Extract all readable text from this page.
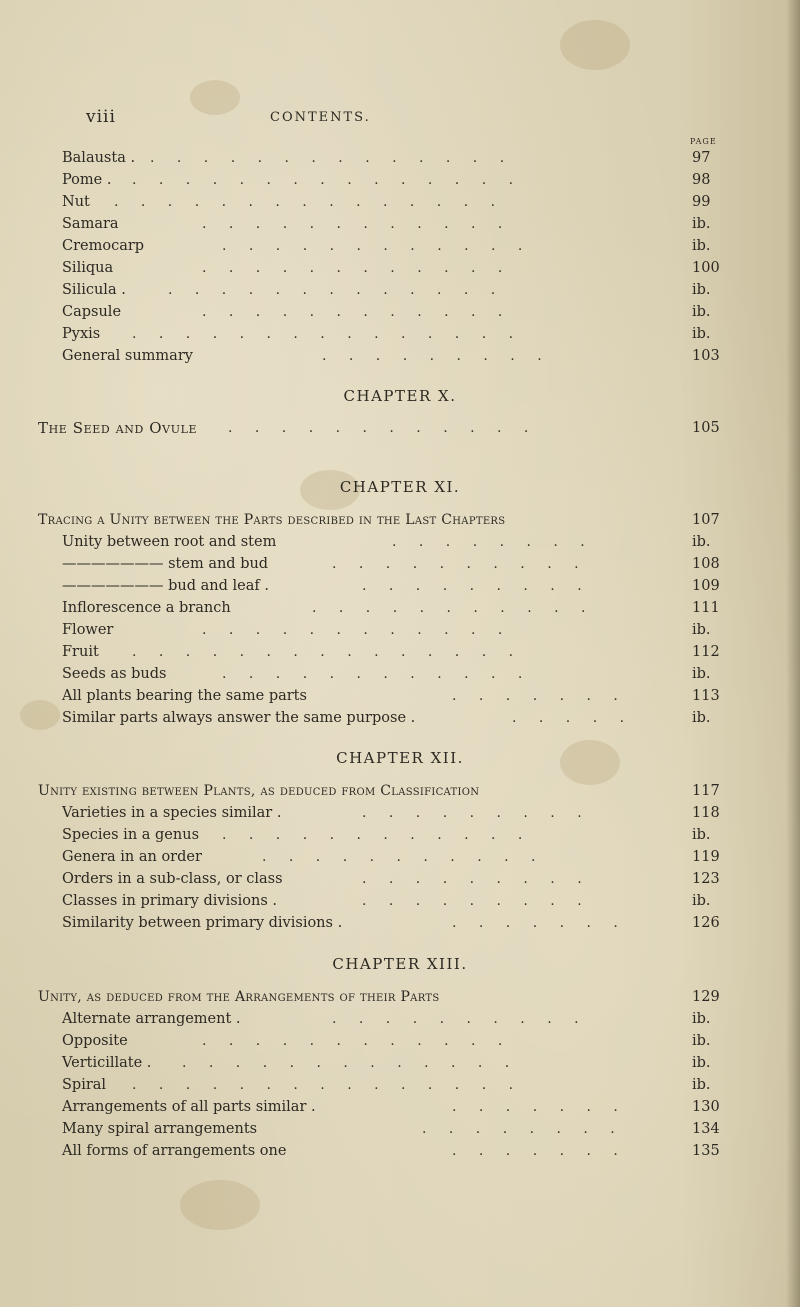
viii	CONTENTS.
PAGE
Balausta . . . . . . . . . . . . . . .	97
Pome . . . . . . . . . . . . . . . .	98
Nut . . . . . . . . . . . . . . .	99
Samara	. . . . . . . . . . . .	ib.
Cremocarp	. . . . . . . . . . . .	ib.
Siliqua	. . . . . . . . . . . .	100
Silicula .	. . . . . . . . . . . . .	ib.
Capsule	. . . . . . . . . . . .	ib.
Pyxis . . . . . . . . . . . . . . .	ib.
General summary	. . . . . . . . .	103
CHAPTER X.
The Seed and Ovule . . . . . . . . . . . .	105
CHAPTER XI.
Tracing a Unity between the Parts described in the Last Chapters	107
Unity between root and stem	. . . . . . . .	ib.
——————— stem and bud	. . . . . . . . . .	108
——————— bud and leaf .	. . . . . . . . .	109
Inflorescence a branch	. . . . . . . . . . .	111
Flower	. . . . . . . . . . . .	ib.
Fruit . . . . . . . . . . . . . . .	112
Seeds as buds	. . . . . . . . . . . .	ib.
All plants bearing the same parts	. . . . . . .	113
Similar parts always answer the same purpose .	. . . . .	ib.
CHAPTER XII.
Unity existing between Plants, as deduced from Classification	117
Varieties in a species similar .	. . . . . . . . .	118
Species in a genus . . . . . . . . . . . .	ib.
Genera in an order	. . . . . . . . . . .	119
Orders in a sub-class, or class	. . . . . . . . .	123
Classes in primary divisions .	. . . . . . . . .	ib.
Similarity between primary divisions .	. . . . . . .	126
CHAPTER XIII.
Unity, as deduced from the Arrangements of their Parts	129
Alternate arrangement .	. . . . . . . . . .	ib.
Opposite	. . . . . . . . . . . .	ib.
Verticillate . . . . . . . . . . . . . .	ib.
Spiral . . . . . . . . . . . . . . .	ib.
Arrangements of all parts similar .	. . . . . . .	130
Many spiral arrangements	. . . . . . . .	134
All forms of arrangements one	. . . . . . .	135
